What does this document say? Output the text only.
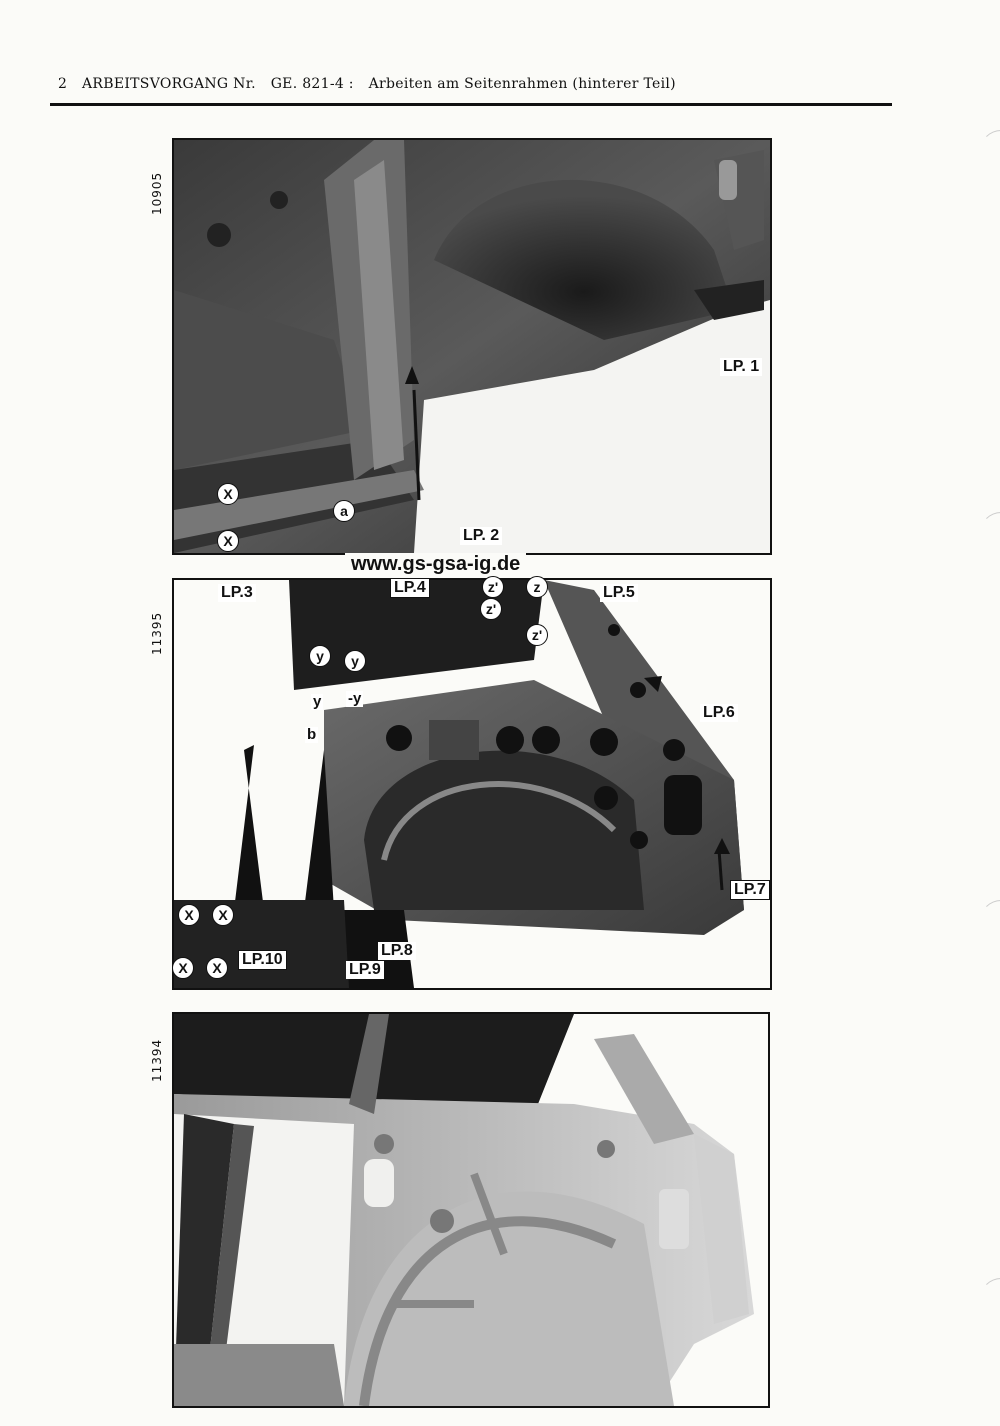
2 ARBEITSVORGANG Nr. GE. 821-4 : Arbeiten am Seitenrahmen (hinterer Teil)
10905
LP. 1
LP. 2
X
X
a
www.gs-gsa-ig.de
11395
LP.3	LP.4	LP.5
LP.6
LP.7
LP.8
LP.9
LP.10
y	y
y -y
b
z'
z'
z
z'
X	X
X	X
11394
